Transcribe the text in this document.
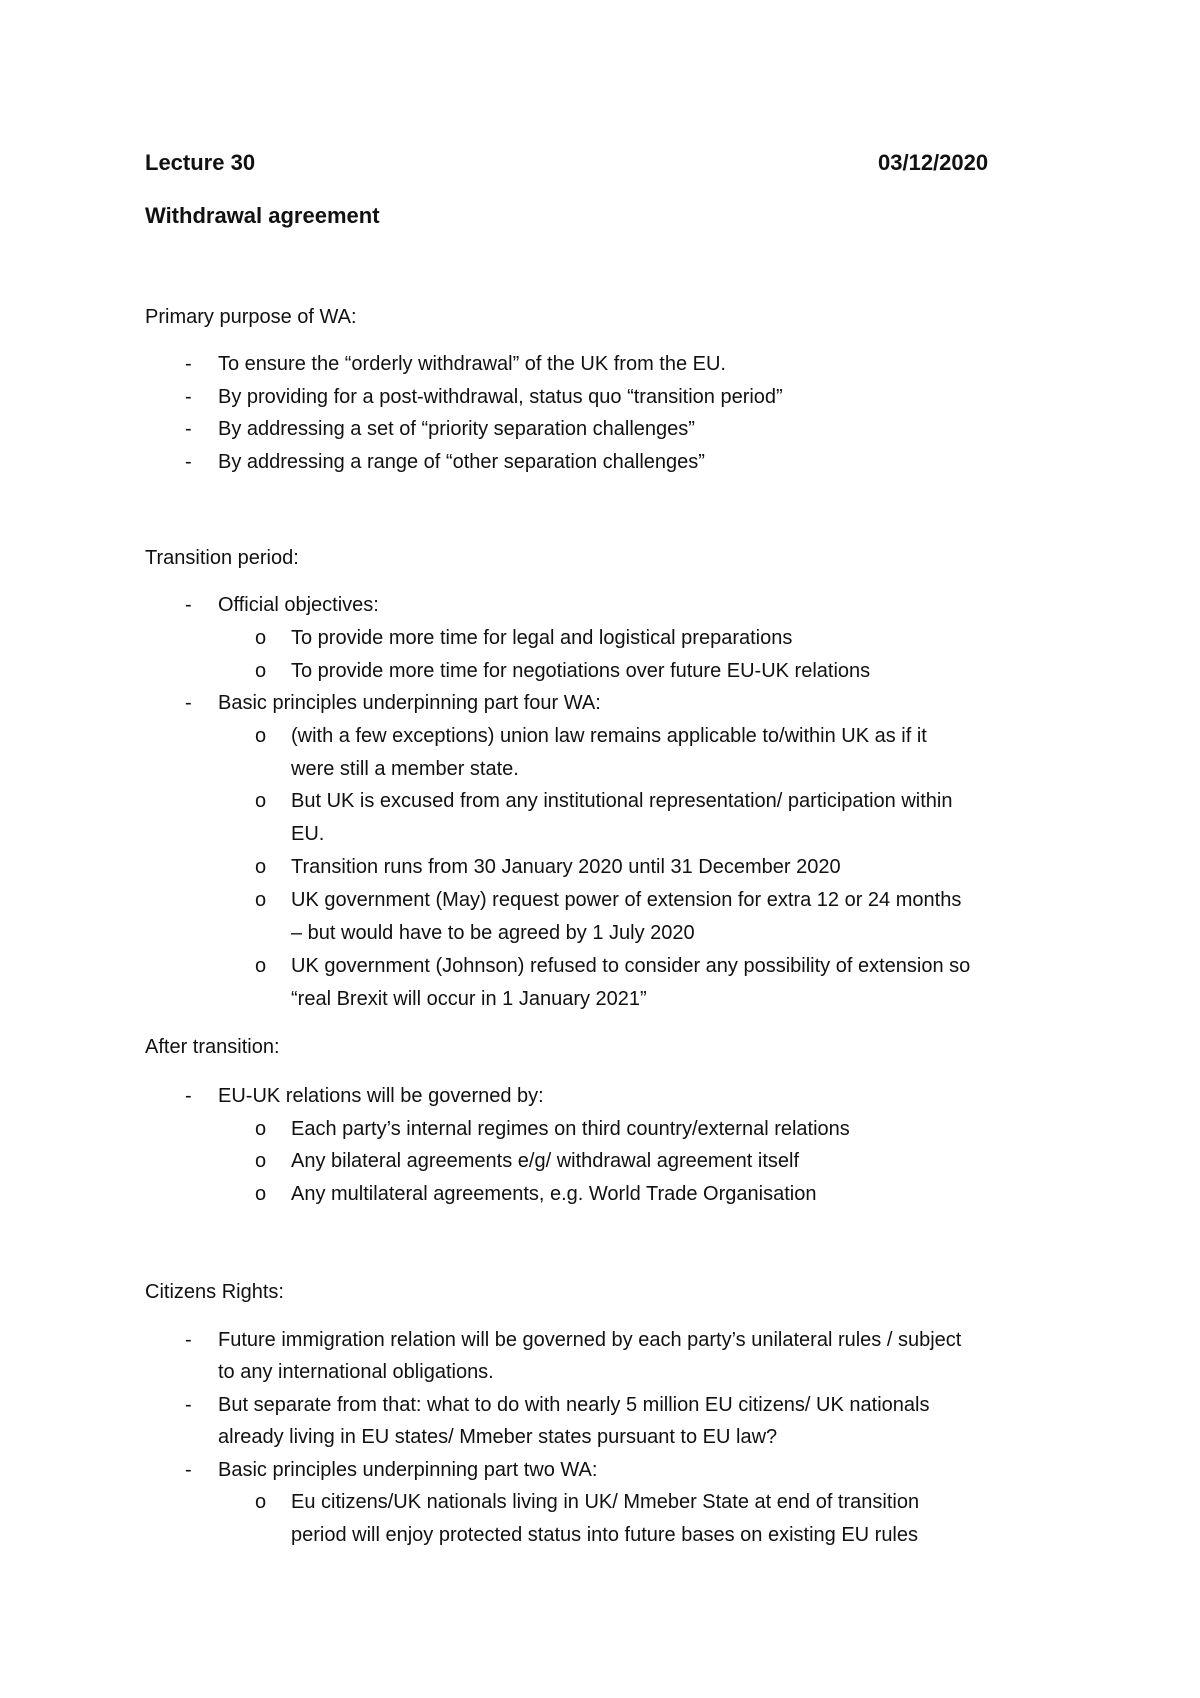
Lecture 30	03/12/2020
Withdrawal agreement
Primary purpose of WA:
- To ensure the “orderly withdrawal” of the UK from the EU.
- By providing for a post-withdrawal, status quo “transition period”
- By addressing a set of “priority separation challenges”
- By addressing a range of “other separation challenges”
Transition period:
- Official objectives:
o To provide more time for legal and logistical preparations
o To provide more time for negotiations over future EU-UK relations
- Basic principles underpinning part four WA:
o (with a few exceptions) union law remains applicable to/within UK as if it
were still a member state.
o But UK is excused from any institutional representation/ participation within
EU.
o Transition runs from 30 January 2020 until 31 December 2020
o UK government (May) request power of extension for extra 12 or 24 months
– but would have to be agreed by 1 July 2020
o UK government (Johnson) refused to consider any possibility of extension so
“real Brexit will occur in 1 January 2021”
After transition:
- EU-UK relations will be governed by:
o Each party’s internal regimes on third country/external relations
o Any bilateral agreements e/g/ withdrawal agreement itself
o Any multilateral agreements, e.g. World Trade Organisation
Citizens Rights:
- Future immigration relation will be governed by each party’s unilateral rules / subject
to any international obligations.
- But separate from that: what to do with nearly 5 million EU citizens/ UK nationals
already living in EU states/ Mmeber states pursuant to EU law?
- Basic principles underpinning part two WA:
o Eu citizens/UK nationals living in UK/ Mmeber State at end of transition
period will enjoy protected status into future bases on existing EU rules
